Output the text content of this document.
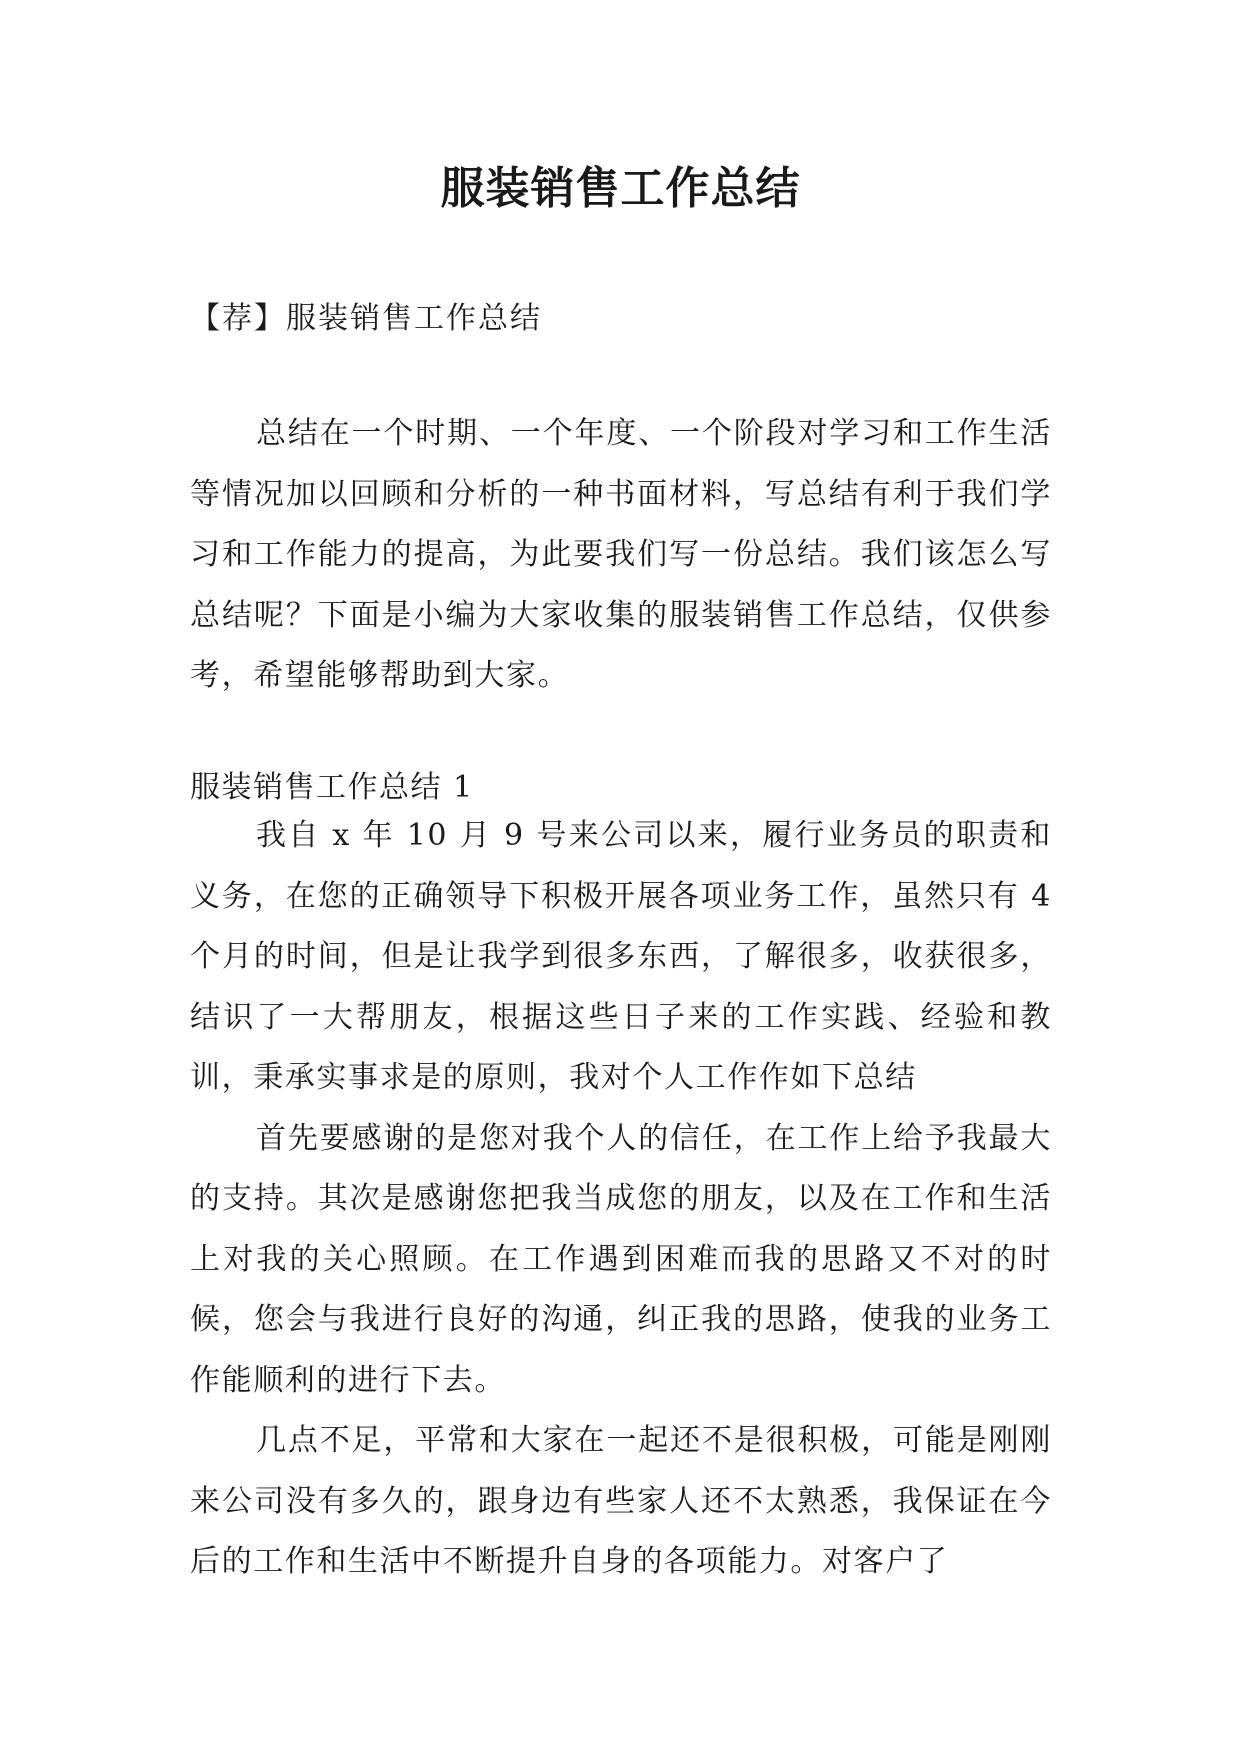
服装销售工作总结

【荐】服装销售工作总结

总结在一个时期、一个年度、一个阶段对学习和工作生活等情况加以回顾和分析的一种书面材料，写总结有利于我们学习和工作能力的提高，为此要我们写一份总结。我们该怎么写总结呢？下面是小编为大家收集的服装销售工作总结，仅供参考，希望能够帮助到大家。

服装销售工作总结 1

我自 x 年 10 月 9 号来公司以来，履行业务员的职责和义务，在您的正确领导下积极开展各项业务工作，虽然只有 4 个月的时间，但是让我学到很多东西，了解很多，收获很多，结识了一大帮朋友，根据这些日子来的工作实践、经验和教训，秉承实事求是的原则，我对个人工作作如下总结

首先要感谢的是您对我个人的信任，在工作上给予我最大的支持。其次是感谢您把我当成您的朋友，以及在工作和生活上对我的关心照顾。在工作遇到困难而我的思路又不对的时候，您会与我进行良好的沟通，纠正我的思路，使我的业务工作能顺利的进行下去。

几点不足，平常和大家在一起还不是很积极，可能是刚刚来公司没有多久的，跟身边有些家人还不太熟悉，我保证在今后的工作和生活中不断提升自身的各项能力。对客户了
